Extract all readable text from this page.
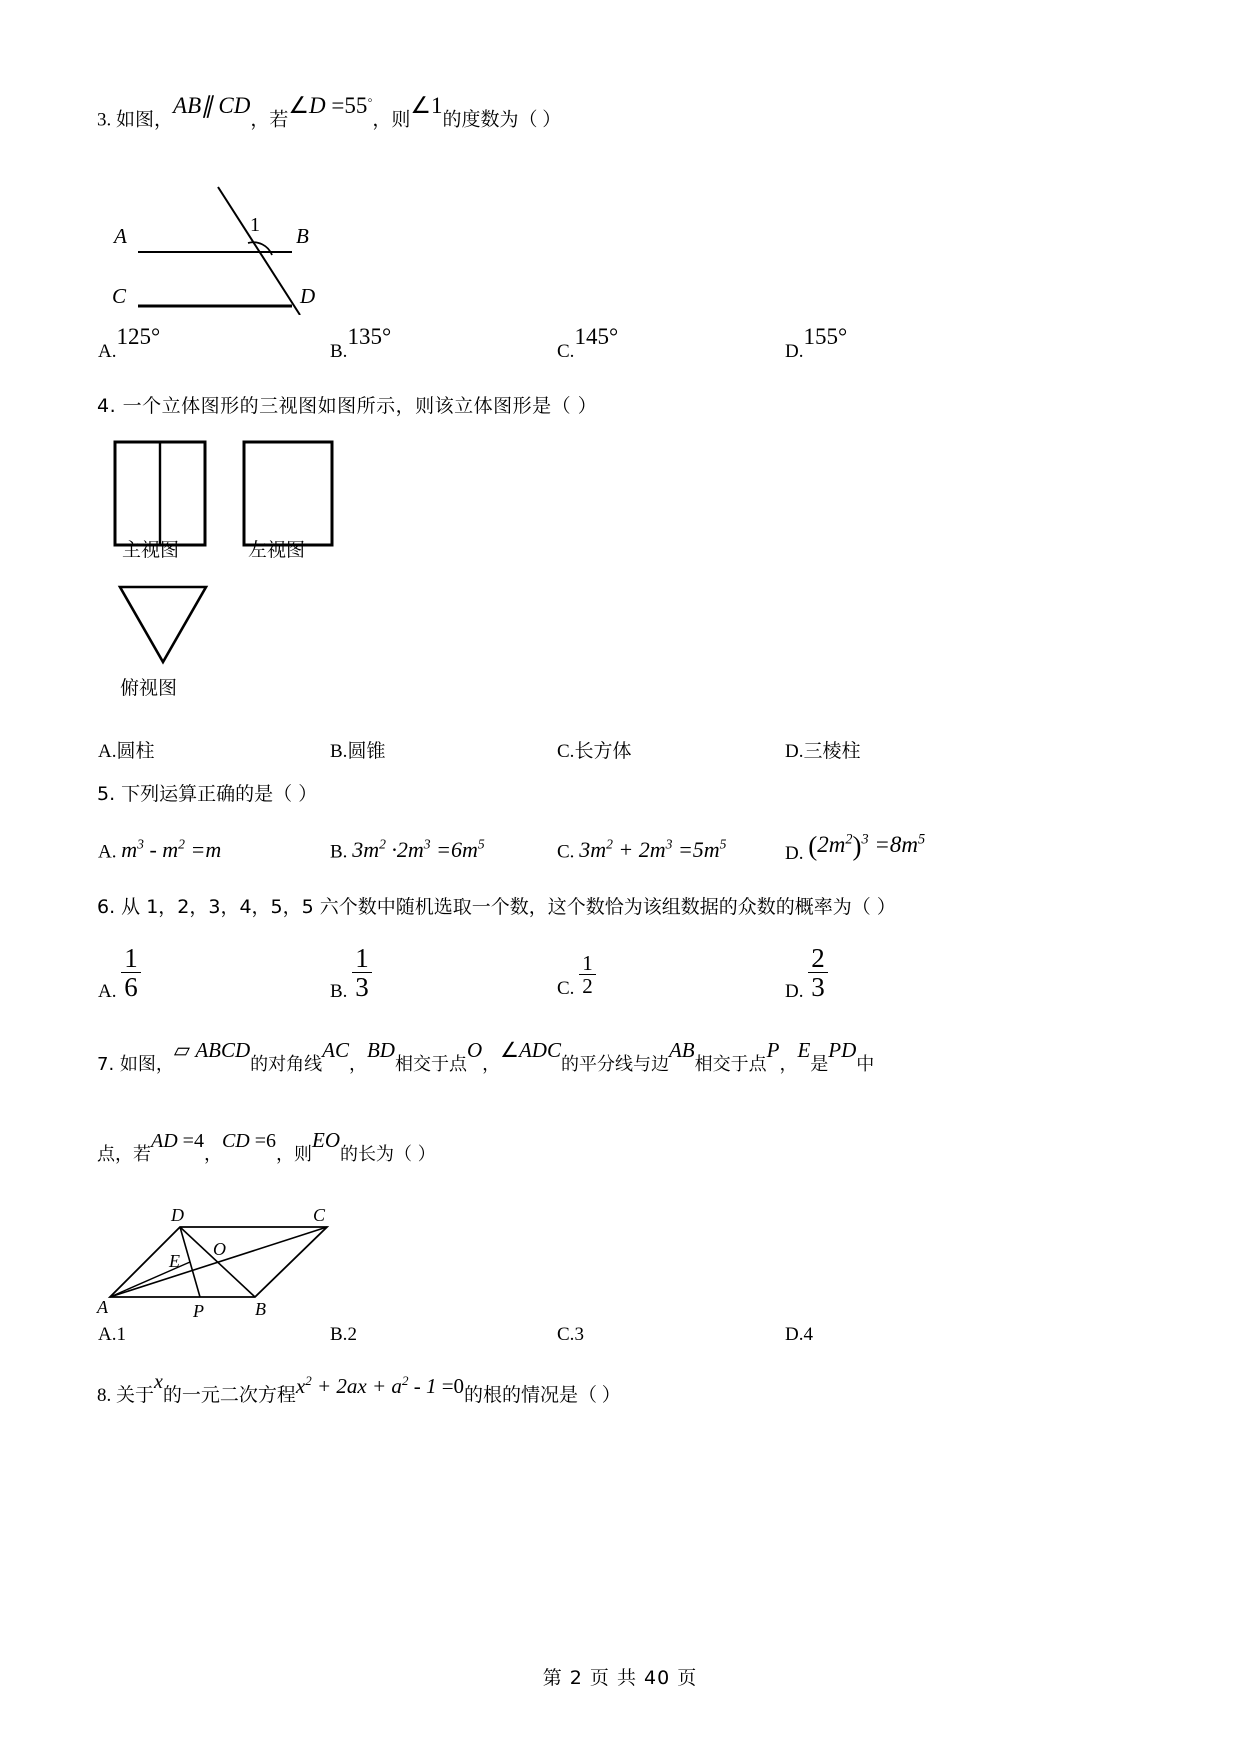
3. 如图，AB∥ CD，若∠D =55◦，则∠1的度数为（ ）
A	B
C	D
1
A.125°
B.135°
C.145°
D.155°
4. 一个立体图形的三视图如图所示，则该立体图形是（ ）
主视图	左视图
俯视图
A.圆柱	B.圆锥	C.长方体	D.三棱柱
5. 下列运算正确的是（ ）
A. $m^3 - m^2 =m$	B. $3m^2 \cdot 2m^3 =6m^5$	C. $3m^2 + 2m^3 =5m^5$	D. $(2m^2)^3 =8m^5$
6. 从 1，2，3，4，5，5 六个数中随机选取一个数，这个数恰为该组数据的众数的概率为（ ）
A. $\frac{1}{6}$	B. $\frac{1}{3}$	C. $\frac{1}{2}$	D. $\frac{2}{3}$
7. 如图，▱ ABCD的对角线AC，BD相交于点O，∠ADC的平分线与边AB相交于点P，E是PD中
点，若AD =4，CD =6，则EO的长为（ ）
D	C
A	B
O
E
P
A.1	B.2	C.3	D.4
8. 关于x的一元二次方程$x^2 + 2ax + a^2 - 1 =0$的根的情况是（ ）
第 2 页 共 40 页
